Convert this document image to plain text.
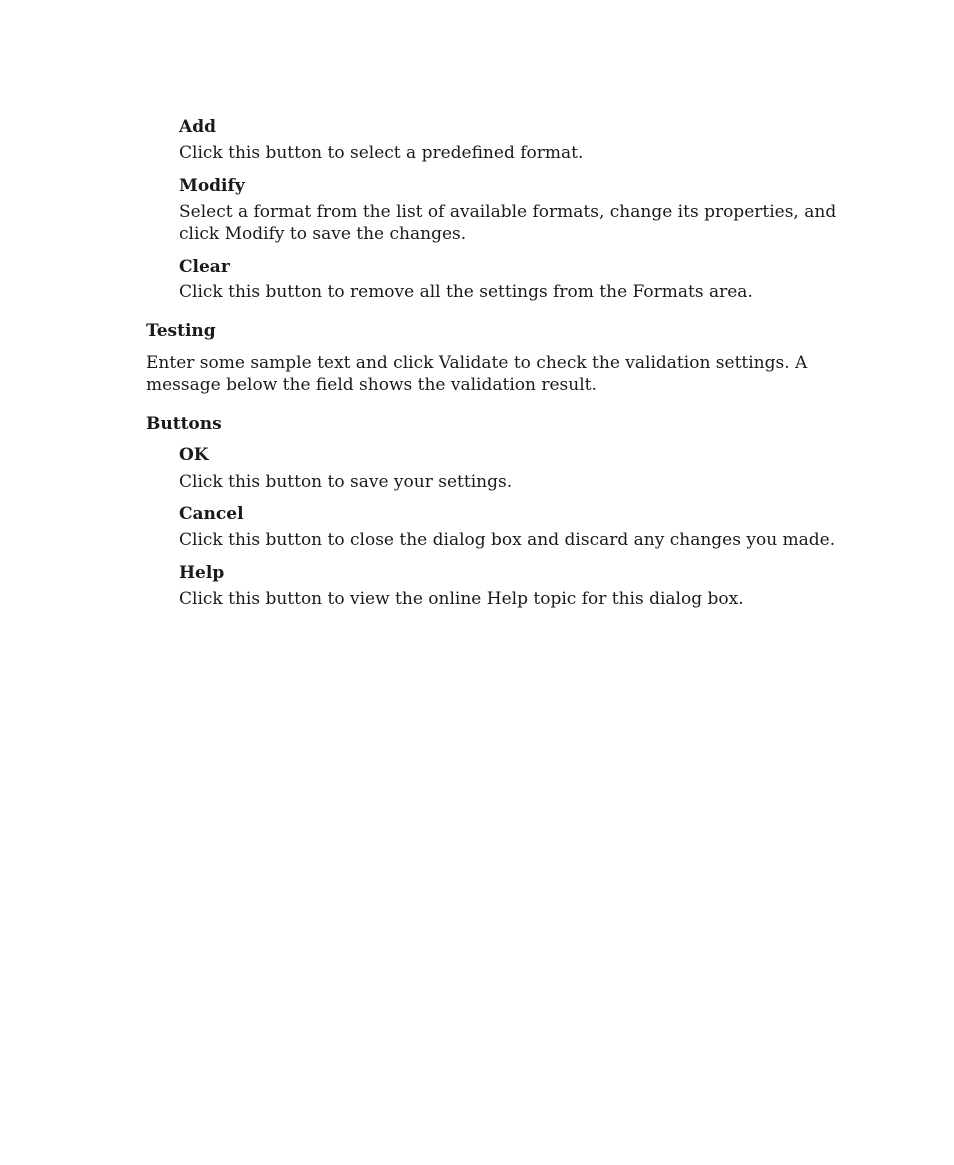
Add

Click this button to select a predefined format.

Modify

Select a format from the list of available formats, change its properties, and click Modify to save the changes.

Clear

Click this button to remove all the settings from the Formats area.

Testing

Enter some sample text and click Validate to check the validation settings. A message below the field shows the validation result.

Buttons

OK

Click this button to save your settings.

Cancel

Click this button to close the dialog box and discard any changes you made.

Help

Click this button to view the online Help topic for this dialog box.
